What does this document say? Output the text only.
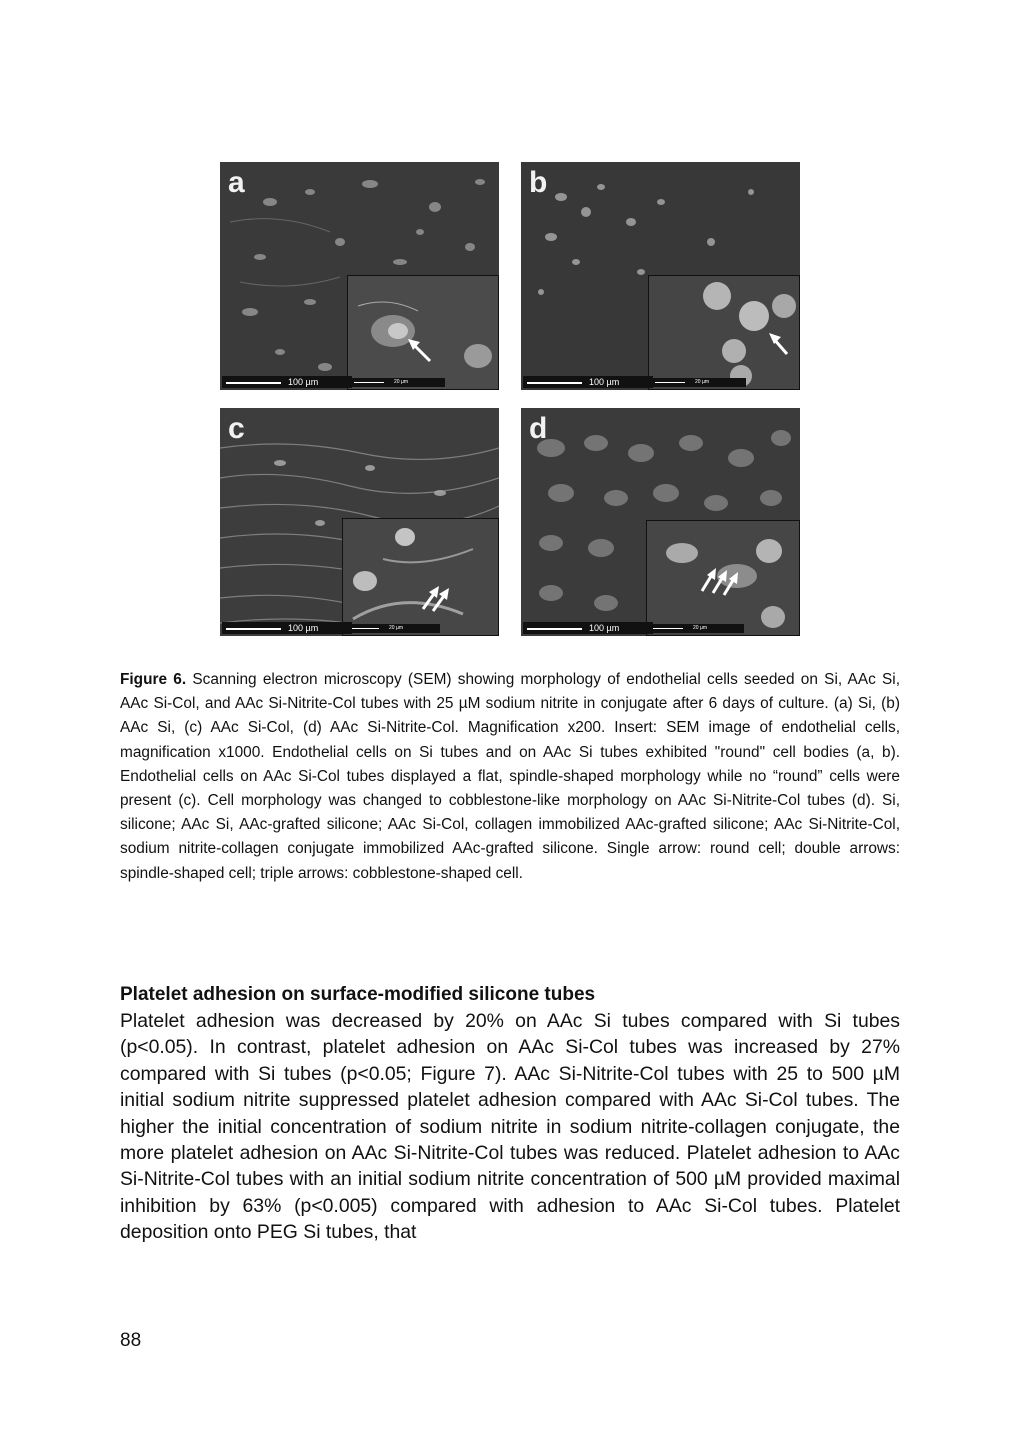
a
20 µm
100 µm
b
20 µm
100 µm
c
20 µm
100 µm
d
20 µm
100 µm
Figure 6. Scanning electron microscopy (SEM) showing morphology of endothelial cells seeded on Si, AAc Si, AAc Si-Col, and AAc Si-Nitrite-Col tubes with 25 µM sodium nitrite in conjugate after 6 days of culture. (a) Si, (b) AAc Si, (c) AAc Si-Col, (d) AAc Si-Nitrite-Col. Magnification x200. Insert: SEM image of endothelial cells, magnification x1000. Endothelial cells on Si tubes and on AAc Si tubes exhibited "round" cell bodies (a, b). Endothelial cells on AAc Si-Col tubes displayed a flat, spindle-shaped morphology while no “round” cells were present (c). Cell morphology was changed to cobblestone-like morphology on AAc Si-Nitrite-Col tubes (d). Si, silicone; AAc Si, AAc-grafted silicone; AAc Si-Col, collagen immobilized AAc-grafted silicone; AAc Si-Nitrite-Col, sodium nitrite-collagen conjugate immobilized AAc-grafted silicone. Single arrow: round cell; double arrows: spindle-shaped cell; triple arrows: cobblestone-shaped cell.
Platelet adhesion on surface-modified silicone tubes
Platelet adhesion was decreased by 20% on AAc Si tubes compared with Si tubes (p<0.05). In contrast, platelet adhesion on AAc Si-Col tubes was increased by 27% compared with Si tubes (p<0.05; Figure 7). AAc Si-Nitrite-Col tubes with 25 to 500 µM initial sodium nitrite suppressed platelet adhesion compared with AAc Si-Col tubes. The higher the initial concentration of sodium nitrite in sodium nitrite-collagen conjugate, the more platelet adhesion on AAc Si-Nitrite-Col tubes was reduced. Platelet adhesion to AAc Si-Nitrite-Col tubes with an initial sodium nitrite concentration of 500 µM provided maximal inhibition by 63% (p<0.005) compared with adhesion to AAc Si-Col tubes. Platelet deposition onto PEG Si tubes, that
88
